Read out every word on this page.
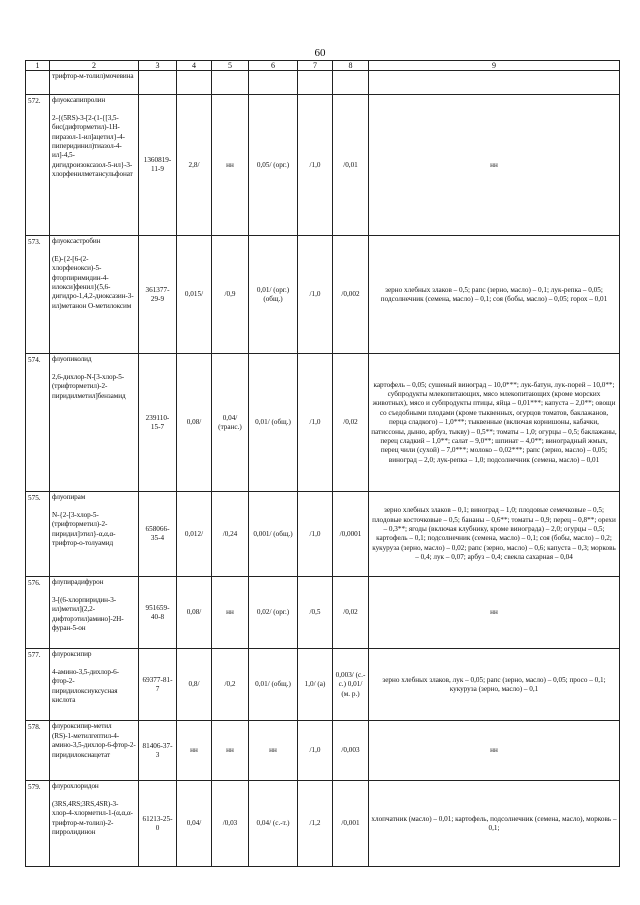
60
1	2	3	4	5	6	7	8	9

	трифтор-м-толил)мочевина							

572.	флуоксапипролин
2-{(5RS)-3-[2-(1-{[3,5-бис(дифторметил)-1H-пиразол-1-ил]ацетил}-4-пиперидинил)тиазол-4-ил]-4,5-дигидроизоксазол-5-ил}-3-хлорфенилметансульфонат	1360819-11-9	2,8/	нн	0,05/ (орг.)	/1,0	/0,01	нн
573.	флуоксастробин
(E)-{2-[6-(2-хлорфенокси)-5-фторпиримидин-4-илокси]фенил}(5,6-дигидро-1,4,2-диоксазин-3-ил)метанон O-метилоксим	361377-29-9	0,015/	/0,9	0,01/ (орг.) (общ.)	/1,0	/0,002	зерно хлебных злаков – 0,5; рапс (зерно, масло) – 0,1; лук-репка – 0,05; подсолнечник (семена, масло) – 0,1; соя (бобы, масло) – 0,05; горох – 0,01
574.	флуопиколид
2,6-дихлор-N-[3-хлор-5-(трифторметил)-2-пиридилметил]бензамид	239110-15-7	0,08/	0,04/ (транс.)	0,01/ (общ.)	/1,0	/0,02	картофель – 0,05; сушеный виноград – 10,0***; лук-батун, лук-порей – 10,0**; субпродукты млекопитающих, мясо млекопитающих (кроме морских животных), мясо и субпродукты птицы, яйца – 0,01***; капуста – 2,0**; овощи со съедобными плодами (кроме тыквенных, огурцов томатов, баклажанов, перца сладкого) – 1,0***; тыквенные (включая корнишоны, кабачки, патиссоны, дыню, арбуз, тыкву) – 0,5**; томаты – 1,0; огурцы – 0,5; баклажаны, перец сладкий – 1,0**; салат – 9,0**; шпинат – 4,0**; виноградный жмых, перец чили (сухой) – 7,0***; молоко – 0,02***; рапс (зерно, масло) – 0,05; виноград – 2,0; лук-репка – 1,0; подсолнечник (семена, масло) – 0,01
575.	флуопирам
N-{2-[3-хлор-5-(трифторметил)-2-пиридил]этил}-α,α,α-трифтор-о-толуамид	658066-35-4	0,012/	/0,24	0,001/ (общ.)	/1,0	/0,0001	зерно хлебных злаков – 0,1; виноград – 1,0; плодовые семечковые – 0,5; плодовые косточковые – 0,5; бананы – 0,6**; томаты – 0,9; перец – 0,8**; орехи – 0,3**; ягоды (включая клубнику, кроме винограда) – 2,0; огурцы – 0,5; картофель – 0,1; подсолнечник (семена, масло) – 0,1; соя (бобы, масло) – 0,2; кукуруза (зерно, масло) – 0,02; рапс (зерно, масло) – 0,6; капуста – 0,3; морковь – 0,4; лук – 0,07; арбуз – 0,4; свекла сахарная – 0,04
576.	флупирадифурон
3-[(6-хлорпиридин-3-ил)метил](2,2-дифторэтил)амино]-2H-фуран-5-он	951659-40-8	0,08/	нн	0,02/ (орг.)	/0,5	/0,02	нн
577.	флуроксипир
4-амино-3,5-дихлор-6-фтор-2-пиридилоксиуксусная кислота	69377-81-7	0,8/	/0,2	0,01/ (общ.)	1,0/ (а)	0,003/ (с.-с.) 0,01/ (м. р.)	зерно хлебных злаков, лук – 0,05; рапс (зерно, масло) – 0,05; просо – 0,1; кукуруза (зерно, масло) – 0,1
578.	флуроксипир-метил
(RS)-1-метилгептил-4-амино-3,5-дихлор-6-фтор-2-пиридилоксиацетат	81406-37-3	нн	нн	нн	/1,0	/0,003	нн
579.	флурохлоридон
(3RS,4RS;3RS,4SR)-3-хлор-4-хлорметил-1-(α,α,α-трифтор-м-толил)-2-пирролидинон	61213-25-0	0,04/	/0,03	0,04/ (с.-т.)	/1,2	/0,001	хлопчатник (масло) – 0,01; картофель, подсолнечник (семена, масло), морковь – 0,1;
